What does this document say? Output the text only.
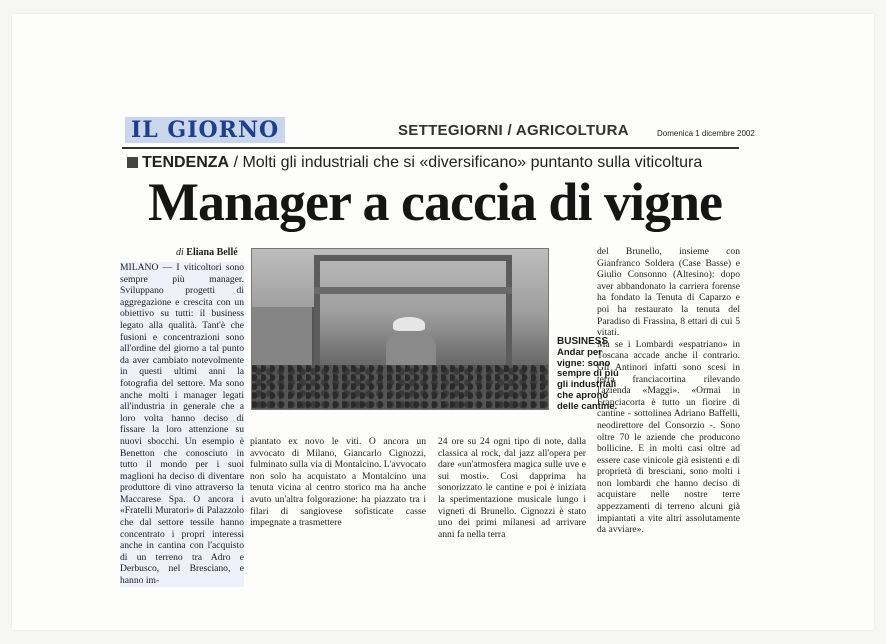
IL GIORNO	SETTEGIORNI / AGRICOLTURA	Domenica 1 dicembre 2002
TENDENZA / Molti gli industriali che si «diversificano» puntanto sulla viticoltura
Manager a caccia di vigne
di Eliana Bellé

MILANO — I viticoltori sono sempre più manager. Sviluppano progetti di aggregazione e crescita con un obiettivo su tutti: il business legato alla qualità. Tant'è che fusioni e concentrazioni sono all'ordine del giorno a tal punto da aver cambiato notevolmente in questi ultimi anni la fotografia del settore. Ma sono anche molti i manager legati all'industria in generale che a loro volta hanno deciso di fissare la loro attenzione su nuovi sbocchi. Un esempio è Benetton che conosciuto in tutto il mondo per i suoi maglioni ha deciso di diventare produttore di vino attraverso la Maccarese Spa. O ancora i «Fratelli Muratori» di Palazzolo che dal settore tessile hanno concentrato i propri interessi anche in cantina con l'acquisto di un terreno tra Adro e Derbusco, nel Bresciano, e hanno im-

BUSINESS
Andar per vigne: sono sempre di più gli industriali che aprono delle cantine.

piantato ex novo le viti. O ancora un avvocato di Milano, Giancarlo Cignozzi, fulminato sulla via di Montalcino. L'avvocato non solo ha acquistato a Montalcino una tenuta vicina al centro storico ma ha anche avuto un'altra folgorazione: ha piazzato tra i filari di sangiovese sofisticate casse impegnate a trasmettere

24 ore su 24 ogni tipo di note, dalla classica al rock, dal jazz all'opera per dare «un'atmosfera magica sulle uve e sui mosti». Così dapprima ha sonorizzato le cantine e poi è iniziata la sperimentazione musicale lungo i vigneti di Brunello. Cignozzi è stato uno dei primi milanesi ad arrivare anni fa nella terra

del Brunello, insieme con Gianfranco Soldera (Case Basse) e Giulio Consonno (Altesino): dopo aver abbandonato la carriera forense ha fondato la Tenuta di Caparzo e poi ha restaurato la tenuta del Paradiso di Frassina, 8 ettari di cui 5 vitati.

Ma se i Lombardi «espatriano» in Toscana accade anche il contrario. Gli Antinori infatti sono scesi in terra franciacortina rilevando l'azienda «Maggi». «Ormai in Franciacorta è tutto un fiorire di cantine - sottolinea Adriano Baffelli, neodirettore del Consorzio -. Sono oltre 70 le aziende che producono bollicine. E in molti casi oltre ad essere case vinicole già esistenti e di proprietà di bresciani, sono molti i non lombardi che hanno deciso di acquistare nelle nostre terre appezzamenti di terreno alcuni già impiantati a vite altri assolutamente da avviare».
